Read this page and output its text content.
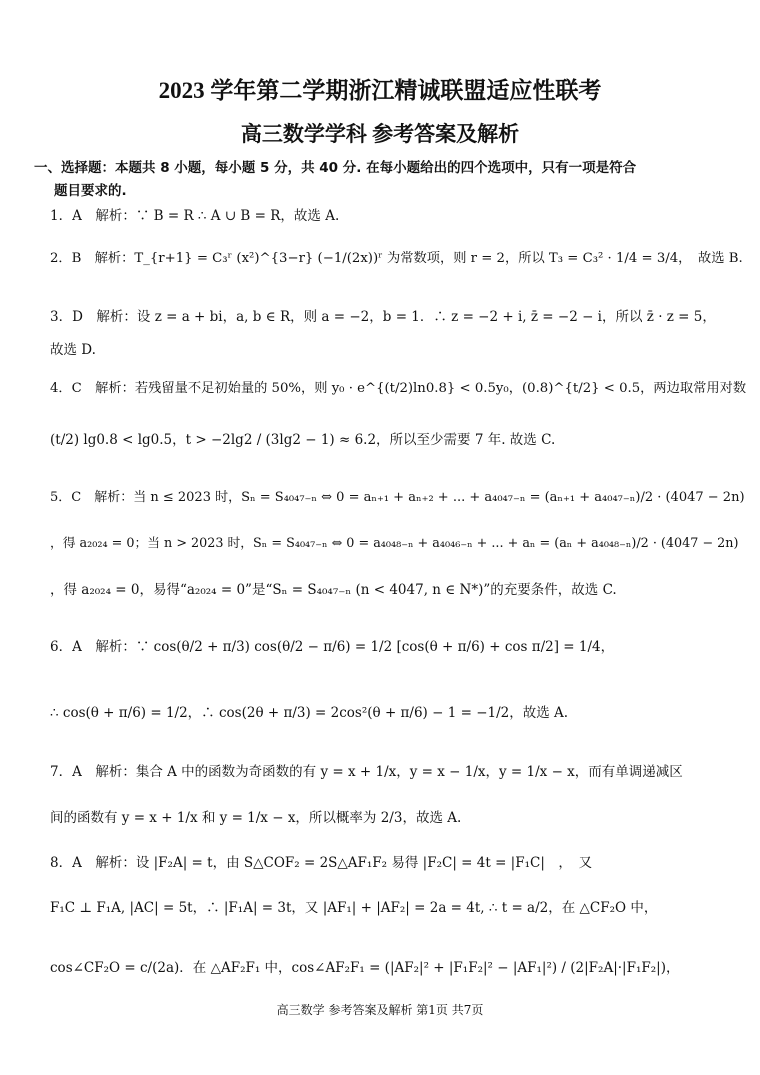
2023 学年第二学期浙江精诚联盟适应性联考
高三数学学科 参考答案及解析
一、选择题：本题共 8 小题，每小题 5 分，共 40 分. 在每小题给出的四个选项中，只有一项是符合
题目要求的.
1．A　解析：∵ B = R ∴ A ∪ B = R，故选 A.
2．B　解析：T_{r+1} = C₃ʳ (x²)^{3−r} (−1/(2x))ʳ 为常数项，则 r = 2，所以 T₃ = C₃² · 1/4 = 3/4，　故选 B.
3．D　解析：设 z = a + bi，a, b ∈ R，则 a = −2，b = 1．∴ z = −2 + i, z̄ = −2 − i，所以 z̄ · z = 5，
故选 D.
4．C　解析：若残留量不足初始量的 50%，则 y₀ · e^{(t/2)ln0.8} < 0.5y₀，(0.8)^{t/2} < 0.5，两边取常用对数
(t/2) lg0.8 < lg0.5，t > −2lg2 / (3lg2 − 1) ≈ 6.2，所以至少需要 7 年. 故选 C.
5．C　解析：当 n ≤ 2023 时，Sₙ = S₄₀₄₇₋ₙ ⇔ 0 = aₙ₊₁ + aₙ₊₂ + ... + a₄₀₄₇₋ₙ = (aₙ₊₁ + a₄₀₄₇₋ₙ)/2 · (4047 − 2n)
，得 a₂₀₂₄ = 0；当 n > 2023 时，Sₙ = S₄₀₄₇₋ₙ ⇔ 0 = a₄₀₄₈₋ₙ + a₄₀₄₆₋ₙ + ... + aₙ = (aₙ + a₄₀₄₈₋ₙ)/2 · (4047 − 2n)
，得 a₂₀₂₄ = 0，易得“a₂₀₂₄ = 0”是“Sₙ = S₄₀₄₇₋ₙ (n < 4047, n ∈ N*)”的充要条件，故选 C.
6．A　解析：∵ cos(θ/2 + π/3) cos(θ/2 − π/6) = 1/2 [cos(θ + π/6) + cos π/2] = 1/4，
∴ cos(θ + π/6) = 1/2，∴ cos(2θ + π/3) = 2cos²(θ + π/6) − 1 = −1/2，故选 A.
7．A　解析：集合 A 中的函数为奇函数的有 y = x + 1/x，y = x − 1/x，y = 1/x − x，而有单调递减区
间的函数有 y = x + 1/x 和 y = 1/x − x，所以概率为 2/3，故选 A.
8．A　解析：设 |F₂A| = t，由 S△COF₂ = 2S△AF₁F₂ 易得 |F₂C| = 4t = |F₁C|　，　又
F₁C ⊥ F₁A, |AC| = 5t，∴ |F₁A| = 3t，又 |AF₁| + |AF₂| = 2a = 4t, ∴ t = a/2，在 △CF₂O 中，
cos∠CF₂O = c/(2a)．在 △AF₂F₁ 中，cos∠AF₂F₁ = (|AF₂|² + |F₁F₂|² − |AF₁|²) / (2|F₂A|·|F₁F₂|)，
高三数学 参考答案及解析 第1页 共7页
